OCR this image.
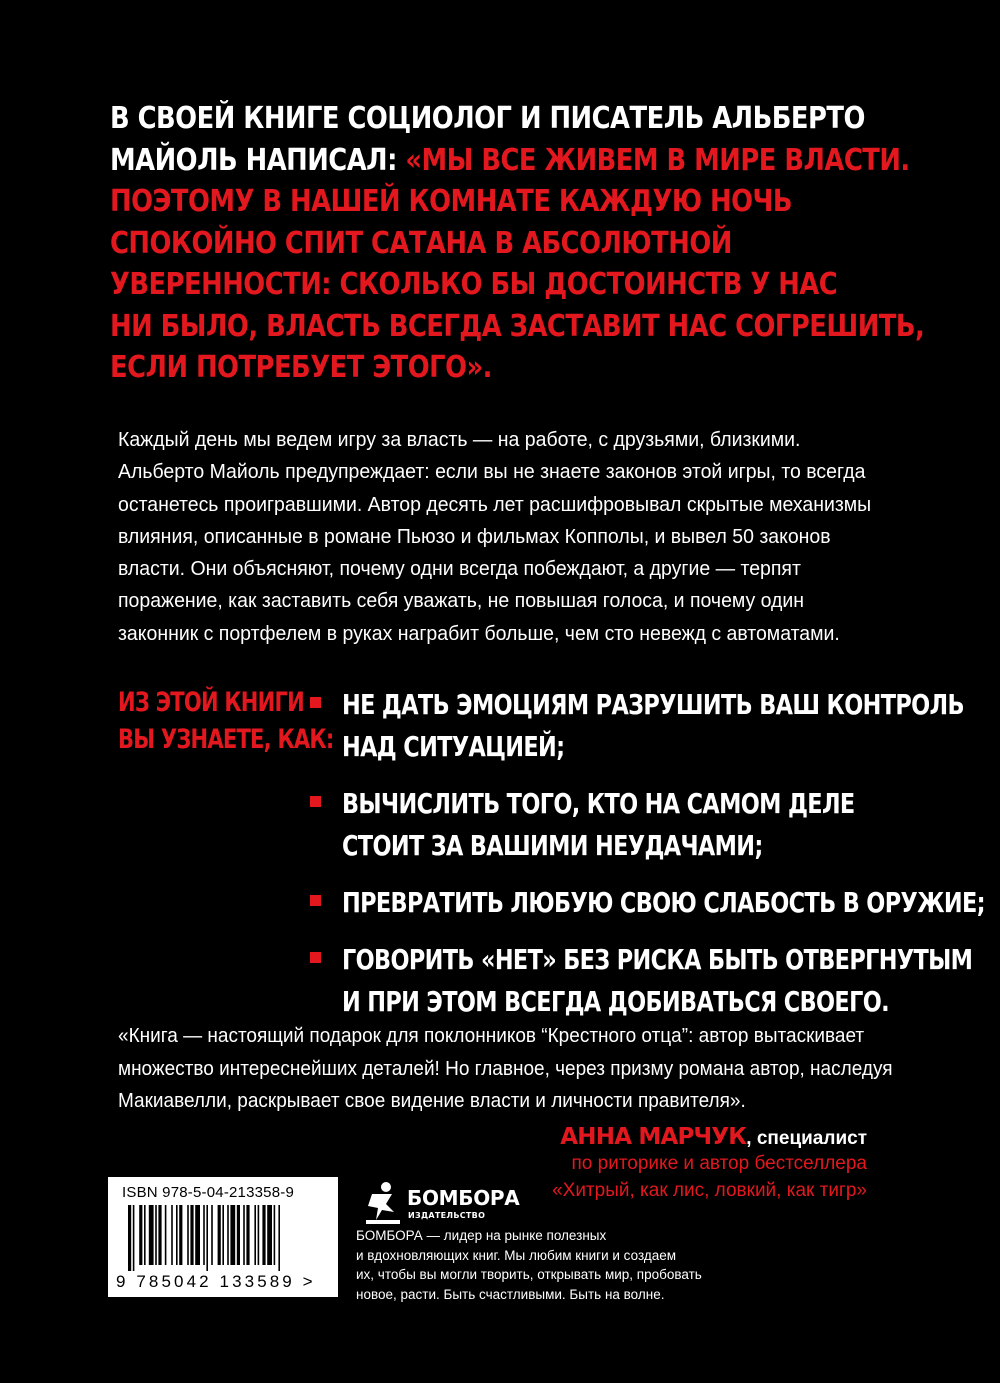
В СВОЕЙ КНИГЕ СОЦИОЛОГ И ПИСАТЕЛЬ АЛЬБЕРТО
МАЙОЛЬ НАПИСАЛ: «МЫ ВСЕ ЖИВЕМ В МИРЕ ВЛАСТИ.
ПОЭТОМУ В НАШЕЙ КОМНАТЕ КАЖДУЮ НОЧЬ
СПОКОЙНО СПИТ САТАНА В АБСОЛЮТНОЙ
УВЕРЕННОСТИ: СКОЛЬКО БЫ ДОСТОИНСТВ У НАС
НИ БЫЛО, ВЛАСТЬ ВСЕГДА ЗАСТАВИТ НАС СОГРЕШИТЬ,
ЕСЛИ ПОТРЕБУЕТ ЭТОГО».
Каждый день мы ведем игру за власть — на работе, с друзьями, близкими.
Альберто Майоль предупреждает: если вы не знаете законов этой игры, то всегда
останетесь проигравшими. Автор десять лет расшифровывал скрытые механизмы
влияния, описанные в романе Пьюзо и фильмах Копполы, и вывел 50 законов
власти. Они объясняют, почему одни всегда побеждают, а другие — терпят
поражение, как заставить себя уважать, не повышая голоса, и почему один
законник с портфелем в руках награбит больше, чем сто невежд с автоматами.
ИЗ ЭТОЙ КНИГИ
ВЫ УЗНАЕТЕ, КАК:
НЕ ДАТЬ ЭМОЦИЯМ РАЗРУШИТЬ ВАШ КОНТРОЛЬ
НАД СИТУАЦИЕЙ;
ВЫЧИСЛИТЬ ТОГО, КТО НА САМОМ ДЕЛЕ
СТОИТ ЗА ВАШИМИ НЕУДАЧАМИ;
ПРЕВРАТИТЬ ЛЮБУЮ СВОЮ СЛАБОСТЬ В ОРУЖИЕ;
ГОВОРИТЬ «НЕТ» БЕЗ РИСКА БЫТЬ ОТВЕРГНУТЫМ
И ПРИ ЭТОМ ВСЕГДА ДОБИВАТЬСЯ СВОЕГО.
«Книга — настоящий подарок для поклонников “Крестного отца”: автор вытаскивает
множество интереснейших деталей! Но главное, через призму романа автор, наследуя
Макиавелли, раскрывает свое видение власти и личности правителя».
АННА МАРЧУК, специалист
по риторике и автор бестселлера
«Хитрый, как лис, ловкий, как тигр»
ISBN 978-5-04-213358-9
9 785042 133589 >
БОМБОРА
ИЗДАТЕЛЬСТВО
БОМБОРА — лидер на рынке полезных
и вдохновляющих книг. Мы любим книги и создаем
их, чтобы вы могли творить, открывать мир, пробовать
новое, расти. Быть счастливыми. Быть на волне.
